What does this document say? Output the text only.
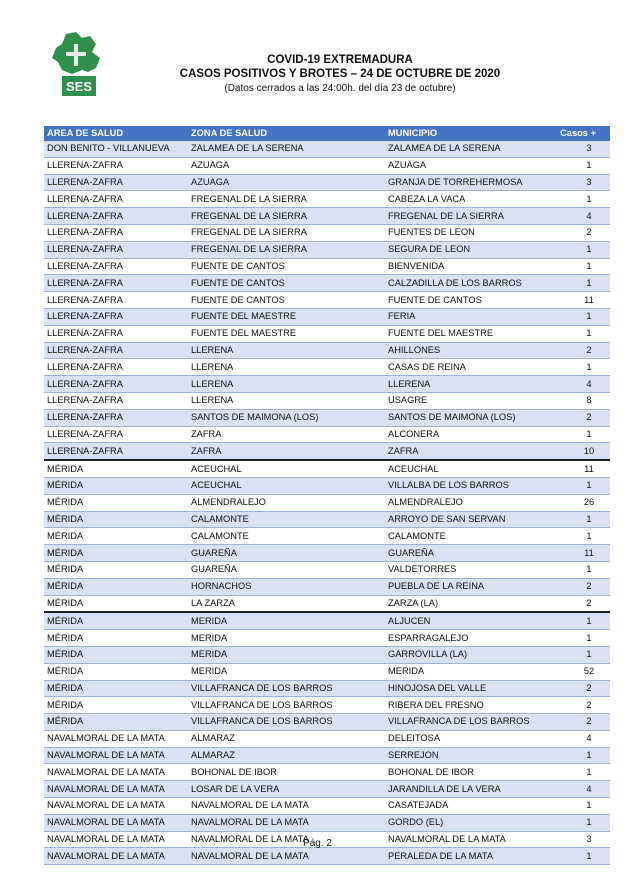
SES
COVID-19 EXTREMADURA
CASOS POSITIVOS Y BROTES – 24 DE OCTUBRE DE 2020
(Datos cerrados a las 24:00h. del día 23 de octubre)
AREA DE SALUD	ZONA DE SALUD	MUNICIPIO	Casos +
DON BENITO - VILLANUEVA	ZALAMEA DE LA SERENA	ZALAMEA DE LA SERENA	3
LLERENA-ZAFRA	AZUAGA	AZUAGA	1
LLERENA-ZAFRA	AZUAGA	GRANJA DE TORREHERMOSA	3
LLERENA-ZAFRA	FREGENAL DE LA SIERRA	CABEZA LA VACA	1
LLERENA-ZAFRA	FREGENAL DE LA SIERRA	FREGENAL DE LA SIERRA	4
LLERENA-ZAFRA	FREGENAL DE LA SIERRA	FUENTES DE LEON	2
LLERENA-ZAFRA	FREGENAL DE LA SIERRA	SEGURA DE LEON	1
LLERENA-ZAFRA	FUENTE DE CANTOS	BIENVENIDA	1
LLERENA-ZAFRA	FUENTE DE CANTOS	CALZADILLA DE LOS BARROS	1
LLERENA-ZAFRA	FUENTE DE CANTOS	FUENTE DE CANTOS	11
LLERENA-ZAFRA	FUENTE DEL MAESTRE	FERIA	1
LLERENA-ZAFRA	FUENTE DEL MAESTRE	FUENTE DEL MAESTRE	1
LLERENA-ZAFRA	LLERENA	AHILLONES	2
LLERENA-ZAFRA	LLERENA	CASAS DE REINA	1
LLERENA-ZAFRA	LLERENA	LLERENA	4
LLERENA-ZAFRA	LLERENA	USAGRE	8
LLERENA-ZAFRA	SANTOS DE MAIMONA (LOS)	SANTOS DE MAIMONA (LOS)	2
LLERENA-ZAFRA	ZAFRA	ALCONERA	1
LLERENA-ZAFRA	ZAFRA	ZAFRA	10
MÉRIDA	ACEUCHAL	ACEUCHAL	11
MÉRIDA	ACEUCHAL	VILLALBA DE LOS BARROS	1
MÉRIDA	ALMENDRALEJO	ALMENDRALEJO	26
MÉRIDA	CALAMONTE	ARROYO DE SAN SERVAN	1
MÉRIDA	CALAMONTE	CALAMONTE	1
MÉRIDA	GUAREÑA	GUAREÑA	11
MÉRIDA	GUAREÑA	VALDETORRES	1
MÉRIDA	HORNACHOS	PUEBLA DE LA REINA	2
MÉRIDA	LA ZARZA	ZARZA (LA)	2
MÉRIDA	MERIDA	ALJUCEN	1
MÉRIDA	MERIDA	ESPARRAGALEJO	1
MÉRIDA	MERIDA	GARROVILLA (LA)	1
MÉRIDA	MERIDA	MERIDA	52
MÉRIDA	VILLAFRANCA DE LOS BARROS	HINOJOSA DEL VALLE	2
MÉRIDA	VILLAFRANCA DE LOS BARROS	RIBERA DEL FRESNO	2
MÉRIDA	VILLAFRANCA DE LOS BARROS	VILLAFRANCA DE LOS BARROS	2
NAVALMORAL DE LA MATA	ALMARAZ	DELEITOSA	4
NAVALMORAL DE LA MATA	ALMARAZ	SERREJON	1
NAVALMORAL DE LA MATA	BOHONAL DE IBOR	BOHONAL DE IBOR	1
NAVALMORAL DE LA MATA	LOSAR DE LA VERA	JARANDILLA DE LA VERA	4
NAVALMORAL DE LA MATA	NAVALMORAL DE LA MATA	CASATEJADA	1
NAVALMORAL DE LA MATA	NAVALMORAL DE LA MATA	GORDO (EL)	1
NAVALMORAL DE LA MATA	NAVALMORAL DE LA MATA	NAVALMORAL DE LA MATA	3
NAVALMORAL DE LA MATA	NAVALMORAL DE LA MATA	PERALEDA DE LA MATA	1
Pág. 2
